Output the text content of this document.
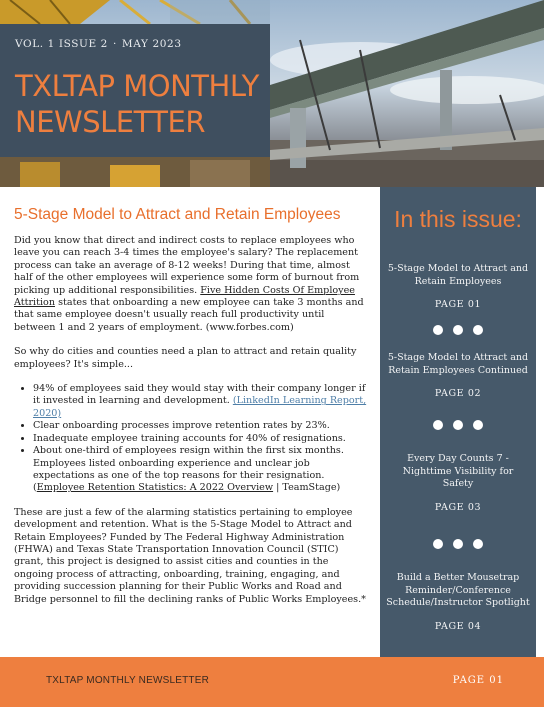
VOL. 1 ISSUE 2 · MAY 2023
TXLTAP MONTHLY
NEWSLETTER
5-Stage Model to Attract and Retain Employees

Did you know that direct and indirect costs to replace employees who leave you can reach 3-4 times the employee's salary? The replacement process can take an average of 8-12 weeks! During that time, almost half of the other employees will experience some form of burnout from picking up additional responsibilities. Five Hidden Costs Of Employee Attrition states that onboarding a new employee can take 3 months and that same employee doesn't usually reach full productivity until between 1 and 2 years of employment. (www.forbes.com)

So why do cities and counties need a plan to attract and retain quality employees? It's simple...

• 94% of employees said they would stay with their company longer if it invested in learning and development. (LinkedIn Learning Report, 2020)
• Clear onboarding processes improve retention rates by 23%.
• Inadequate employee training accounts for 40% of resignations.
• About one-third of employees resign within the first six months. Employees listed onboarding experience and unclear job expectations as one of the top reasons for their resignation. (Employee Retention Statistics: A 2022 Overview | TeamStage)

These are just a few of the alarming statistics pertaining to employee development and retention. What is the 5-Stage Model to Attract and Retain Employees? Funded by The Federal Highway Administration (FHWA) and Texas State Transportation Innovation Council (STIC) grant, this project is designed to assist cities and counties in the ongoing process of attracting, onboarding, training, engaging, and providing succession planning for their Public Works and Road and Bridge personnel to fill the declining ranks of Public Works Employees.*

In this issue:
5-Stage Model to Attract and Retain Employees
PAGE 01
5-Stage Model to Attract and Retain Employees Continued
PAGE 02
Every Day Counts 7 - Nighttime Visibility for Safety
PAGE 03
Build a Better Mousetrap Reminder/Conference Schedule/Instructor Spotlight
PAGE 04
TXLTAP MONTHLY NEWSLETTER	PAGE 01
